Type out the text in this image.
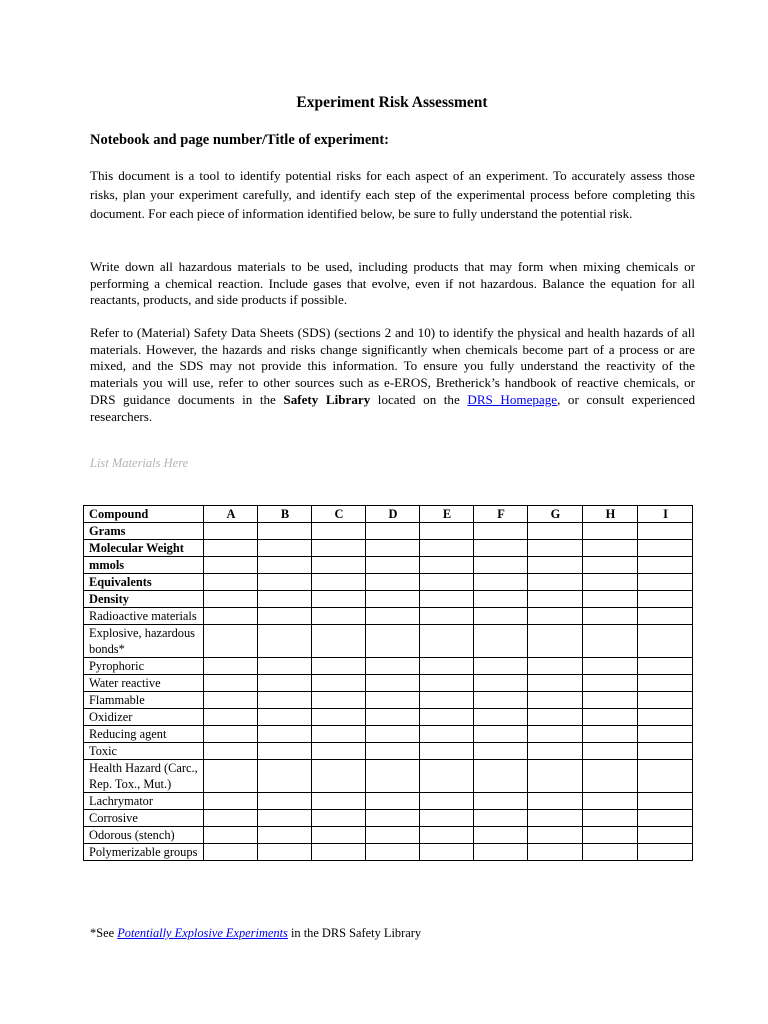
Experiment Risk Assessment
Notebook and page number/Title of experiment:
This document is a tool to identify potential risks for each aspect of an experiment. To accurately assess those risks, plan your experiment carefully, and identify each step of the experimental process before completing this document. For each piece of information identified below, be sure to fully understand the potential risk.
Write down all hazardous materials to be used, including products that may form when mixing chemicals or performing a chemical reaction. Include gases that evolve, even if not hazardous. Balance the equation for all reactants, products, and side products if possible.
Refer to (Material) Safety Data Sheets (SDS) (sections 2 and 10) to identify the physical and health hazards of all materials. However, the hazards and risks change significantly when chemicals become part of a process or are mixed, and the SDS may not provide this information. To ensure you fully understand the reactivity of the materials you will use, refer to other sources such as e-EROS, Bretherick’s handbook of reactive chemicals, or DRS guidance documents in the Safety Library located on the DRS Homepage, or consult experienced researchers.
List Materials Here
Compound	A	B	C	D	E	F	G	H	I
Grams									
Molecular Weight									
mmols									
Equivalents									
Density									
Radioactive materials									
Explosive, hazardous bonds*									
Pyrophoric									
Water reactive									
Flammable									
Oxidizer									
Reducing agent									
Toxic									
Health Hazard (Carc., Rep. Tox., Mut.)									
Lachrymator									
Corrosive									
Odorous (stench)									
Polymerizable groups									
*See Potentially Explosive Experiments in the DRS Safety Library
